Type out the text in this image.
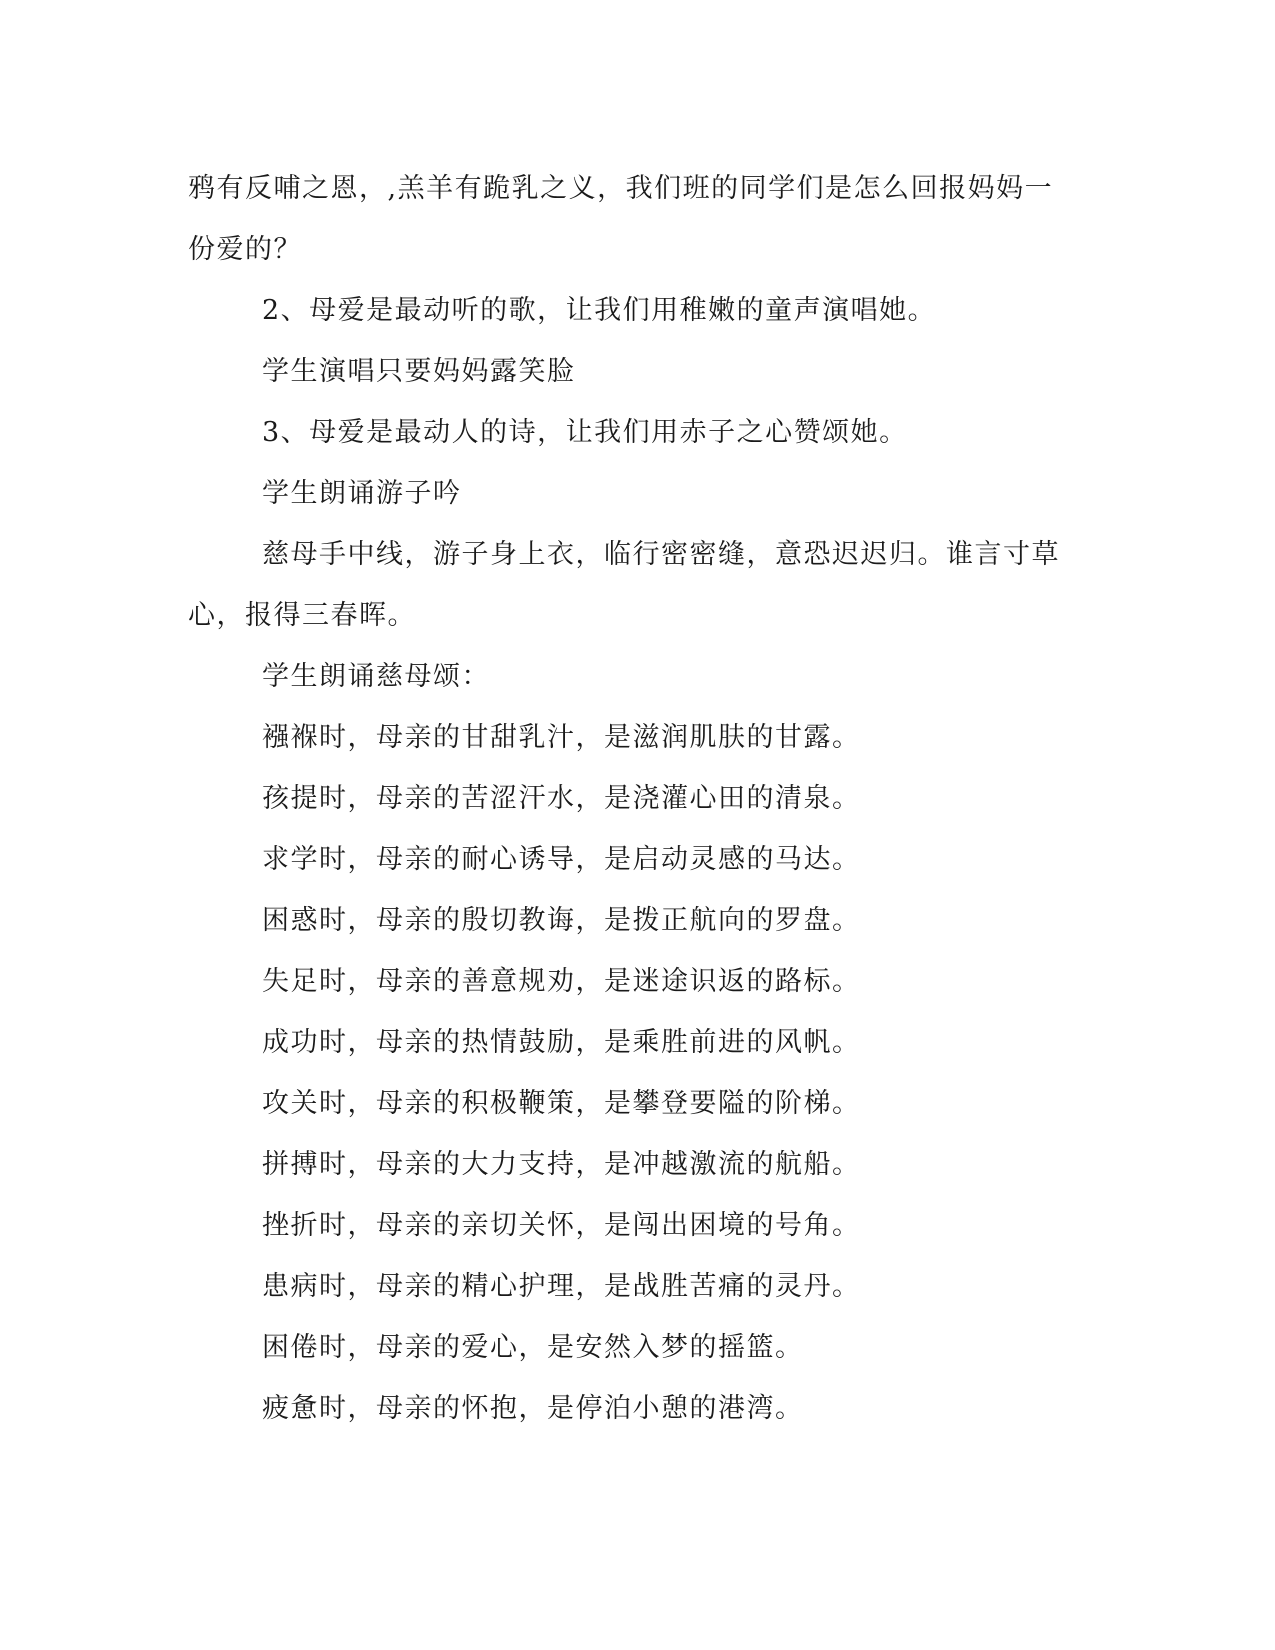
鸦有反哺之恩，,羔羊有跪乳之义，我们班的同学们是怎么回报妈妈一
份爱的？
2、母爱是最动听的歌，让我们用稚嫩的童声演唱她。
学生演唱只要妈妈露笑脸
3、母爱是最动人的诗，让我们用赤子之心赞颂她。
学生朗诵游子吟
慈母手中线，游子身上衣，临行密密缝，意恐迟迟归。谁言寸草
心，报得三春晖。
学生朗诵慈母颂：
襁褓时，母亲的甘甜乳汁，是滋润肌肤的甘露。
孩提时，母亲的苦涩汗水，是浇灌心田的清泉。
求学时，母亲的耐心诱导，是启动灵感的马达。
困惑时，母亲的殷切教诲，是拨正航向的罗盘。
失足时，母亲的善意规劝，是迷途识返的路标。
成功时，母亲的热情鼓励，是乘胜前进的风帆。
攻关时，母亲的积极鞭策，是攀登要隘的阶梯。
拼搏时，母亲的大力支持，是冲越激流的航船。
挫折时，母亲的亲切关怀，是闯出困境的号角。
患病时，母亲的精心护理，是战胜苦痛的灵丹。
困倦时，母亲的爱心，是安然入梦的摇篮。
疲惫时，母亲的怀抱，是停泊小憩的港湾。
